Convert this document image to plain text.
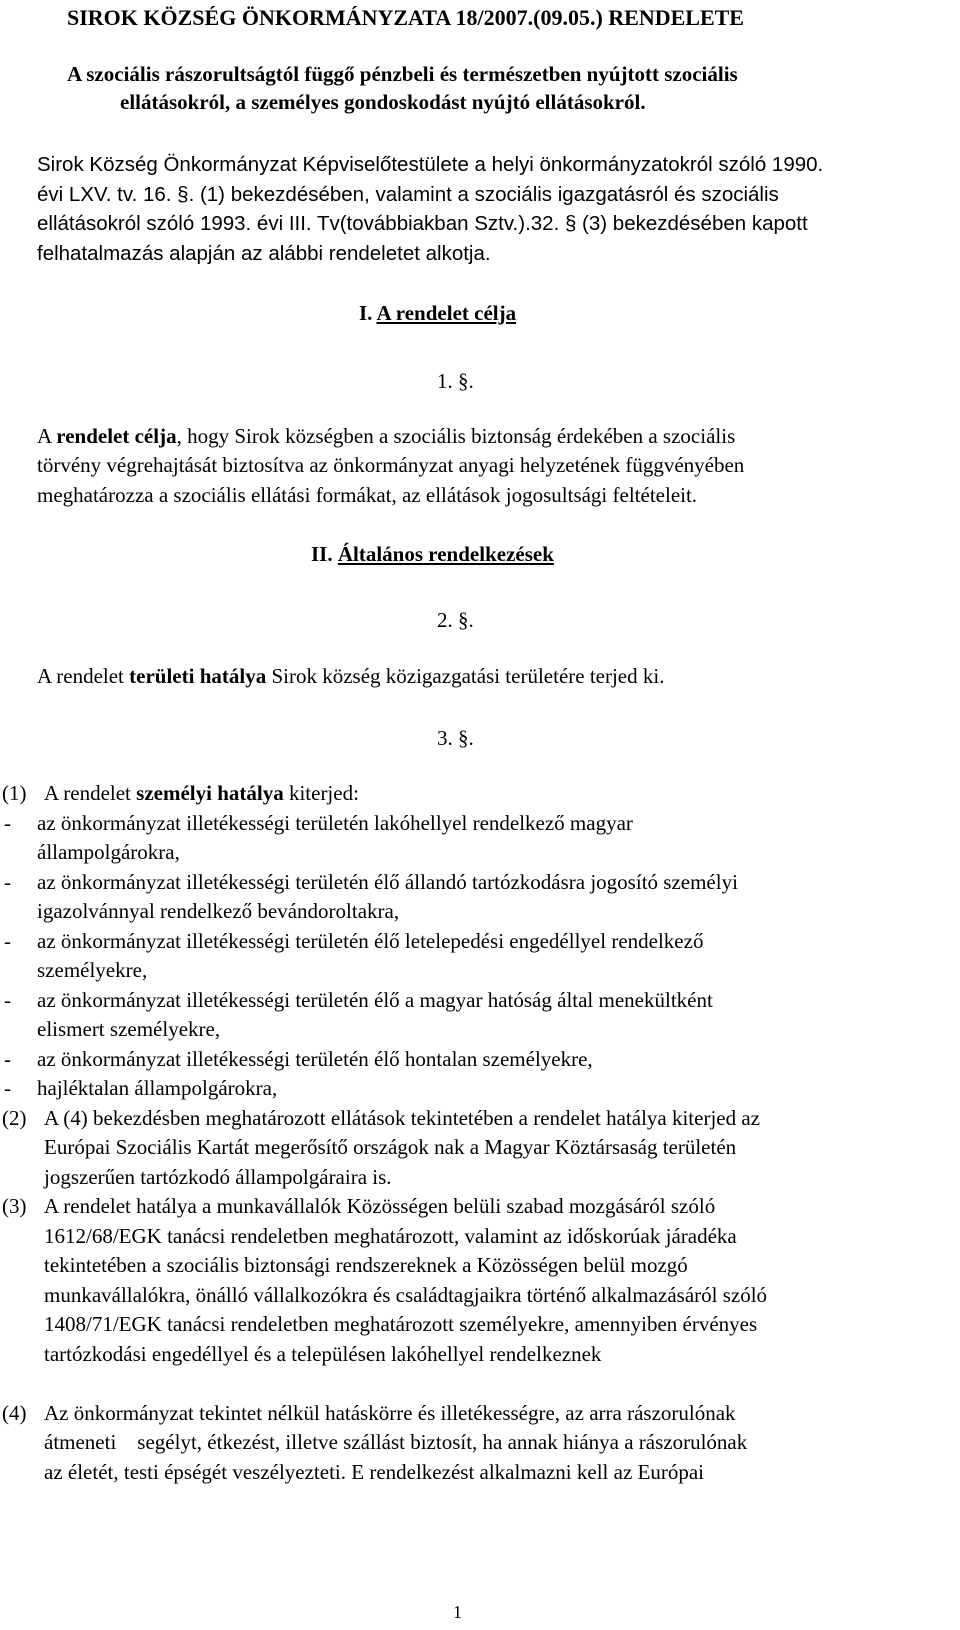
SIROK KÖZSÉG ÖNKORMÁNYZATA 18/2007.(09.05.) RENDELETE
A szociális rászorultságtól függő pénzbeli és természetben nyújtott szociális
ellátásokról, a személyes gondoskodást nyújtó ellátásokról.
Sirok Község Önkormányzat Képviselőtestülete a helyi önkormányzatokról szóló 1990.
évi LXV. tv. 16. §. (1) bekezdésében, valamint a szociális igazgatásról és szociális
ellátásokról szóló 1993. évi III. Tv(továbbiakban Sztv.).32. § (3) bekezdésében kapott
felhatalmazás alapján az alábbi rendeletet alkotja.
I. A rendelet célja
1. §.
A rendelet célja, hogy Sirok községben a szociális biztonság érdekében a szociális
törvény végrehajtását biztosítva az önkormányzat anyagi helyzetének függvényében
meghatározza a szociális ellátási formákat, az ellátások jogosultsági feltételeit.
II. Általános rendelkezések
2. §.
A rendelet területi hatálya Sirok község közigazgatási területére terjed ki.
3. §.
(1) A rendelet személyi hatálya kiterjed:
- az önkormányzat illetékességi területén lakóhellyel rendelkező magyar
állampolgárokra,
- az önkormányzat illetékességi területén élő állandó tartózkodásra jogosító személyi
igazolvánnyal rendelkező bevándoroltakra,
- az önkormányzat illetékességi területén élő letelepedési engedéllyel rendelkező
személyekre,
- az önkormányzat illetékességi területén élő a magyar hatóság által menekültként
elismert személyekre,
- az önkormányzat illetékességi területén élő hontalan személyekre,
- hajléktalan állampolgárokra,
(2) A (4) bekezdésben meghatározott ellátások tekintetében a rendelet hatálya kiterjed az
Európai Szociális Kartát megerősítő országok nak a Magyar Köztársaság területén
jogszerűen tartózkodó állampolgáraira is.
(3) A rendelet hatálya a munkavállalók Közösségen belüli szabad mozgásáról szóló
1612/68/EGK tanácsi rendeletben meghatározott, valamint az időskorúak járadéka
tekintetében a szociális biztonsági rendszereknek a Közösségen belül mozgó
munkavállalókra, önálló vállalkozókra és családtagjaikra történő alkalmazásáról szóló
1408/71/EGK tanácsi rendeletben meghatározott személyekre, amennyiben érvényes
tartózkodási engedéllyel és a településen lakóhellyel rendelkeznek
(4) Az önkormányzat tekintet nélkül hatáskörre és illetékességre, az arra rászorulónak
átmeneti    segélyt, étkezést, illetve szállást biztosít, ha annak hiánya a rászorulónak
az életét, testi épségét veszélyezteti. E rendelkezést alkalmazni kell az Európai
1
